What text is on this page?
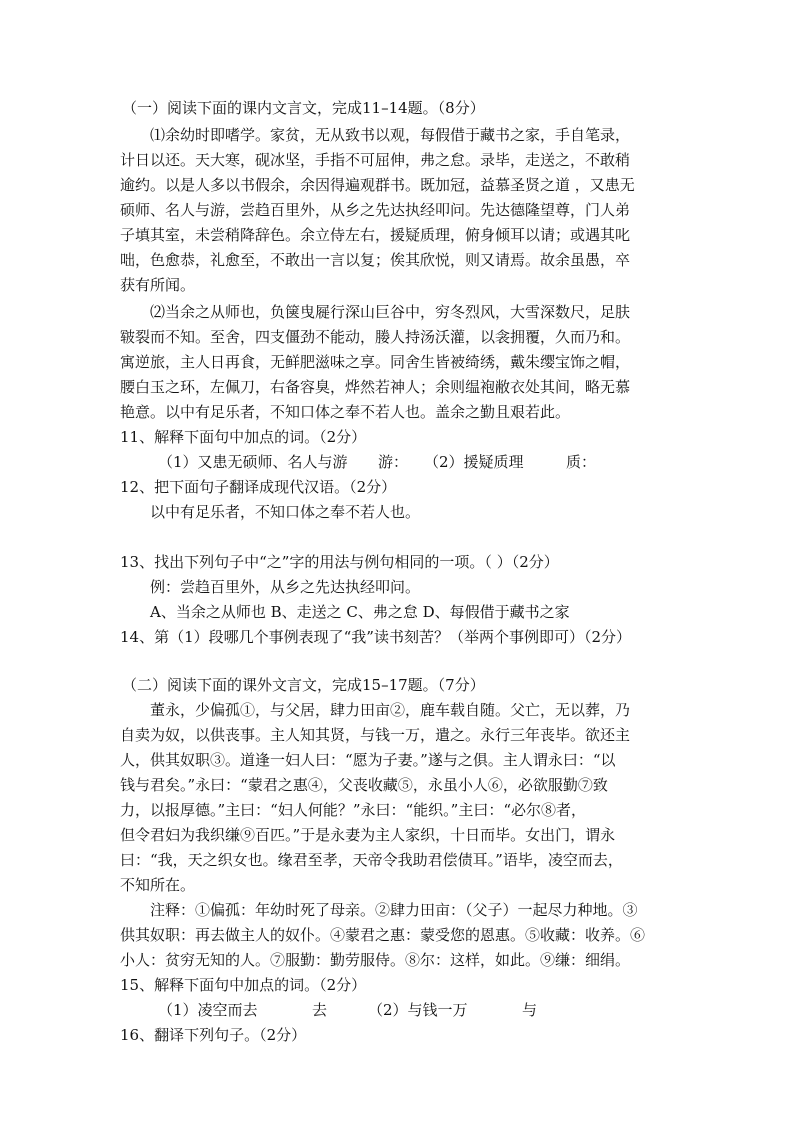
（一）阅读下面的课内文言文，完成11–14题。（8分）
⑴余幼时即嗜学。家贫，无从致书以观，每假借于藏书之家，手自笔录，
计日以还。天大寒，砚冰坚，手指不可屈伸，弗之怠。录毕，走送之，不敢稍
逾约。以是人多以书假余，余因得遍观群书。既加冠，益慕圣贤之道 ，又患无
硕师、名人与游，尝趋百里外，从乡之先达执经叩问。先达德隆望尊，门人弟
子填其室，未尝稍降辞色。余立侍左右，援疑质理，俯身倾耳以请；或遇其叱
咄，色愈恭，礼愈至，不敢出一言以复；俟其欣悦，则又请焉。故余虽愚，卒
获有所闻。
⑵当余之从师也，负箧曳屣行深山巨谷中，穷冬烈风，大雪深数尺，足肤
皲裂而不知。至舍，四支僵劲不能动，媵人持汤沃灌，以衾拥覆，久而乃和。
寓逆旅，主人日再食，无鲜肥滋味之享。同舍生皆被绮绣，戴朱缨宝饰之帽，
腰白玉之环，左佩刀，右备容臭，烨然若神人；余则缊袍敝衣处其间，略无慕
艳意。以中有足乐者，不知口体之奉不若人也。盖余之勤且艰若此。
11、解释下面句中加点的词。（2分）
（1）又患无硕师、名人与游 游： （2）援疑质理	质：
12、把下面句子翻译成现代汉语。（2分）
以中有足乐者，不知口体之奉不若人也。
13、找出下列句子中“之”字的用法与例句相同的一项。（ ）（2分）
例：尝趋百里外，从乡之先达执经叩问。
A、当余之从师也 B、走送之 C、弗之怠 D、每假借于藏书之家
14、第（1）段哪几个事例表现了“我”读书刻苦？（举两个事例即可）（2分）
（二）阅读下面的课外文言文，完成15–17题。（7分）
董永，少偏孤①，与父居，肆力田亩②，鹿车载自随。父亡，无以葬，乃
自卖为奴，以供丧事。主人知其贤，与钱一万，遣之。永行三年丧毕。欲还主
人，供其奴职③。道逢一妇人曰：“愿为子妻。”遂与之俱。主人谓永曰：“以
钱与君矣。”永曰：“蒙君之惠④，父丧收藏⑤，永虽小人⑥，必欲服勤⑦致
力，以报厚德。”主曰：“妇人何能？”永曰：“能织。”主曰：“必尔⑧者，
但令君妇为我织缣⑨百匹。”于是永妻为主人家织，十日而毕。女出门，谓永
曰：“我，天之织女也。缘君至孝，天帝令我助君偿债耳。”语毕，凌空而去，
不知所在。
注释：①偏孤：年幼时死了母亲。②肆力田亩：（父子）一起尽力种地。③
供其奴职：再去做主人的奴仆。④蒙君之惠：蒙受您的恩惠。⑤收藏：收养。⑥
小人：贫穷无知的人。⑦服勤：勤劳服侍。⑧尔：这样，如此。⑨缣：细绢。
15、解释下面句中加点的词。（2分）
（1）凌空而去	去	（2）与钱一万	与
16、翻译下列句子。（2分）
